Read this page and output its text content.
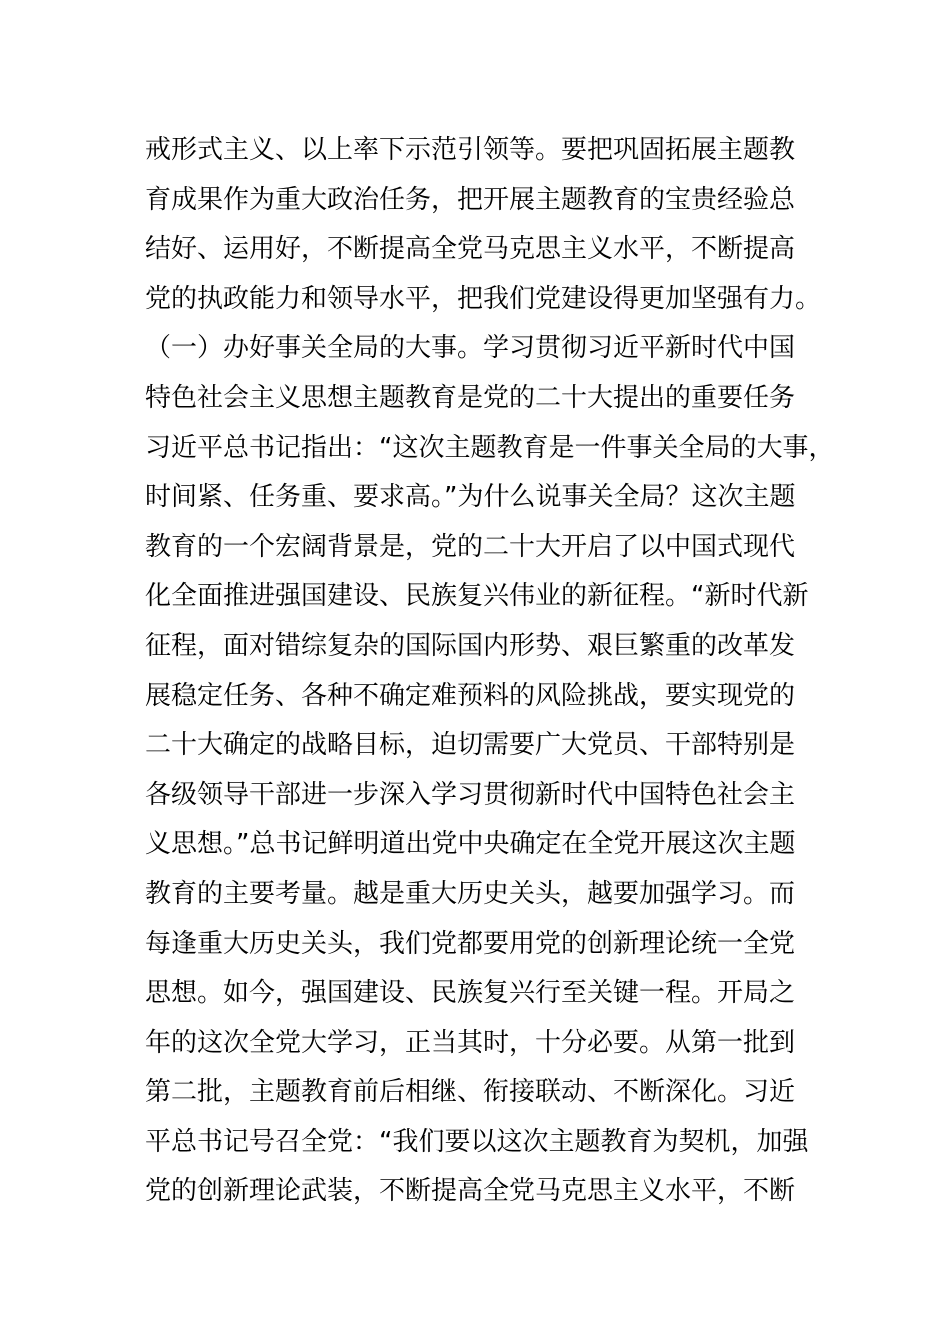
戒形式主义、以上率下示范引领等。要把巩固拓展主题教
育成果作为重大政治任务，把开展主题教育的宝贵经验总
结好、运用好，不断提高全党马克思主义水平，不断提高
党的执政能力和领导水平，把我们党建设得更加坚强有力。
（一）办好事关全局的大事。学习贯彻习近平新时代中国
特色社会主义思想主题教育是党的二十大提出的重要任务
习近平总书记指出：“这次主题教育是一件事关全局的大事，
时间紧、任务重、要求高。”为什么说事关全局？这次主题
教育的一个宏阔背景是，党的二十大开启了以中国式现代
化全面推进强国建设、民族复兴伟业的新征程。“新时代新
征程，面对错综复杂的国际国内形势、艰巨繁重的改革发
展稳定任务、各种不确定难预料的风险挑战，要实现党的
二十大确定的战略目标，迫切需要广大党员、干部特别是
各级领导干部进一步深入学习贯彻新时代中国特色社会主
义思想。”总书记鲜明道出党中央确定在全党开展这次主题
教育的主要考量。越是重大历史关头，越要加强学习。而
每逢重大历史关头，我们党都要用党的创新理论统一全党
思想。如今，强国建设、民族复兴行至关键一程。开局之
年的这次全党大学习，正当其时，十分必要。从第一批到
第二批，主题教育前后相继、衔接联动、不断深化。习近
平总书记号召全党：“我们要以这次主题教育为契机，加强
党的创新理论武装，不断提高全党马克思主义水平，不断
